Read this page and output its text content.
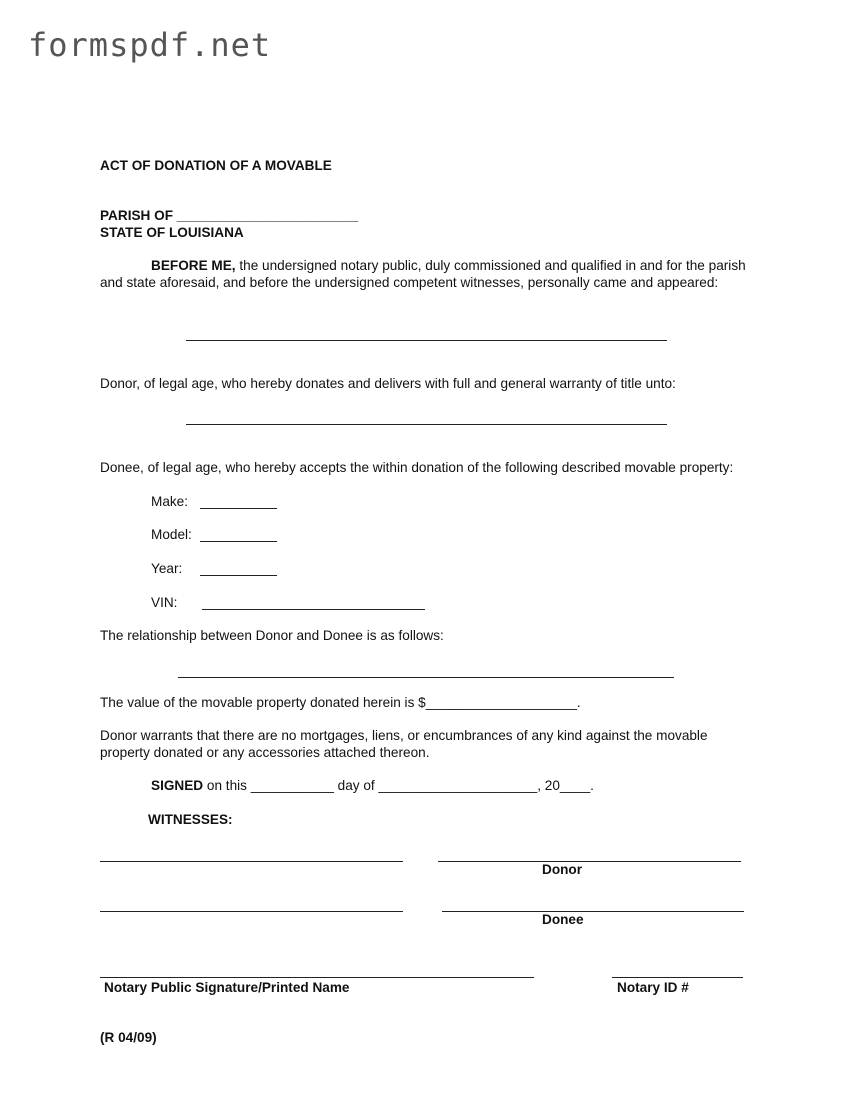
formspdf.net
ACT OF DONATION OF A MOVABLE
PARISH OF ________________________
STATE OF LOUISIANA
BEFORE ME, the undersigned notary public, duly commissioned and qualified in and for the parish and state aforesaid, and before the undersigned competent witnesses, personally came and appeared:
Donor, of legal age, who hereby donates and delivers with full and general warranty of title unto:
Donee, of legal age, who hereby accepts the within donation of the following described movable property:
Make:
Model:
Year:
VIN:
The relationship between Donor and Donee is as follows:
The value of the movable property donated herein is $____________________.
Donor warrants that there are no mortgages, liens, or encumbrances of any kind against the movable property donated or any accessories attached thereon.
SIGNED on this ___________ day of _____________________, 20____.
WITNESSES:
Donor
Donee
Notary Public Signature/Printed Name	Notary ID #
(R 04/09)
